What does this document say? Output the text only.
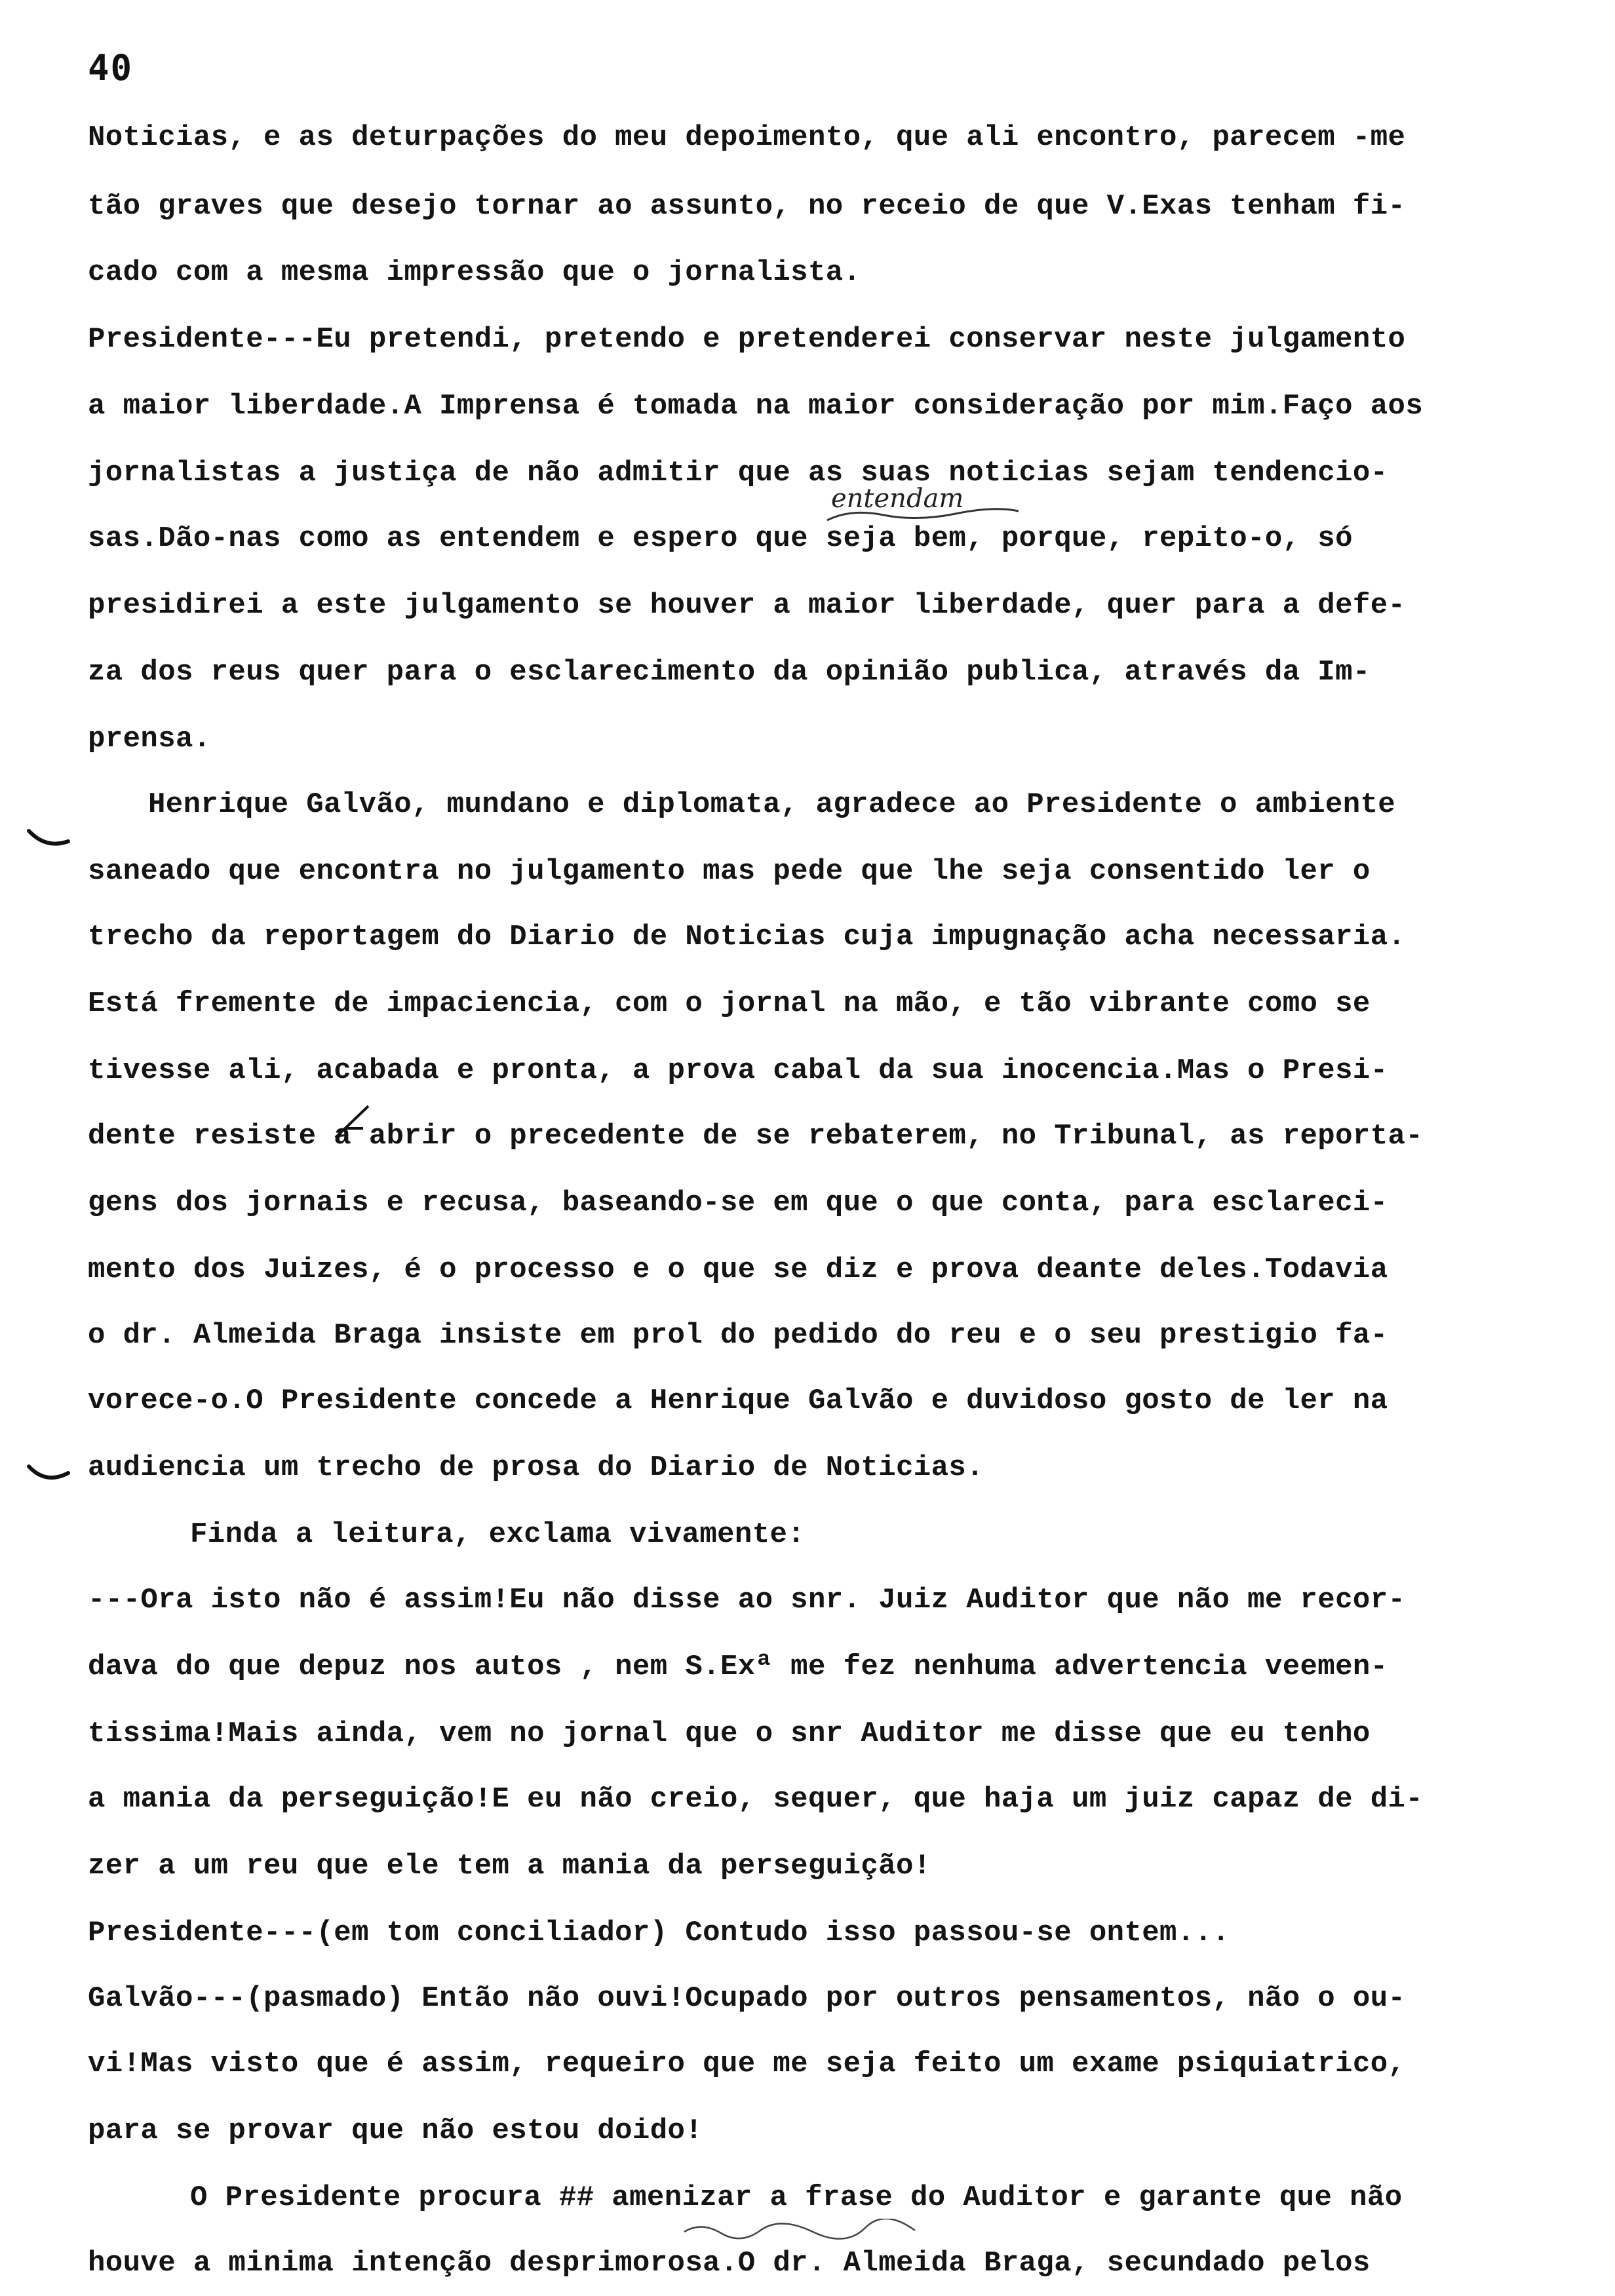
40
Noticias, e as deturpações do meu depoimento, que ali encontro, parecem -me
tão graves que desejo tornar ao assunto, no receio de que V.Exas tenham fi-
cado com a mesma impressão que o jornalista.
Presidente---Eu pretendi, pretendo e pretenderei conservar neste julgamento
a maior liberdade.A Imprensa é tomada na maior consideração por mim.Faço aos
jornalistas a justiça de não admitir que as suas noticias sejam tendencio-
entendam
sas.Dão-nas como as entendem e espero que seja bem, porque, repito-o, só
presidirei a este julgamento se houver a maior liberdade, quer para a defe-
za dos reus quer para o esclarecimento da opinião publica, através da Im-
prensa.
Henrique Galvão, mundano e diplomata, agradece ao Presidente o ambiente
saneado que encontra no julgamento mas pede que lhe seja consentido ler o
trecho da reportagem do Diario de Noticias cuja impugnação acha necessaria.
Está fremente de impaciencia, com o jornal na mão, e tão vibrante como se
tivesse ali, acabada e pronta, a prova cabal da sua inocencia.Mas o Presi-
dente resiste a abrir o precedente de se rebaterem, no Tribunal, as reporta-
gens dos jornais e recusa, baseando-se em que o que conta, para esclareci-
mento dos Juizes, é o processo e o que se diz e prova deante deles.Todavia
o dr. Almeida Braga insiste em prol do pedido do reu e o seu prestigio fa-
vorece-o.O Presidente concede a Henrique Galvão e duvidoso gosto de ler na
audiencia um trecho de prosa do Diario de Noticias.
Finda a leitura, exclama vivamente:
---Ora isto não é assim!Eu não disse ao snr. Juiz Auditor que não me recor-
dava do que depuz nos autos , nem S.Exª me fez nenhuma advertencia veemen-
tissima!Mais ainda, vem no jornal que o snr Auditor me disse que eu tenho
a mania da perseguição!E eu não creio, sequer, que haja um juiz capaz de di-
zer a um reu que ele tem a mania da perseguição!
Presidente---(em tom conciliador) Contudo isso passou-se ontem...
Galvão---(pasmado) Então não ouvi!Ocupado por outros pensamentos, não o ou-
vi!Mas visto que é assim, requeiro que me seja feito um exame psiquiatrico,
para se provar que não estou doido!
O Presidente procura ## amenizar a frase do Auditor e garante que não
houve a minima intenção desprimorosa.O dr. Almeida Braga, secundado pelos
